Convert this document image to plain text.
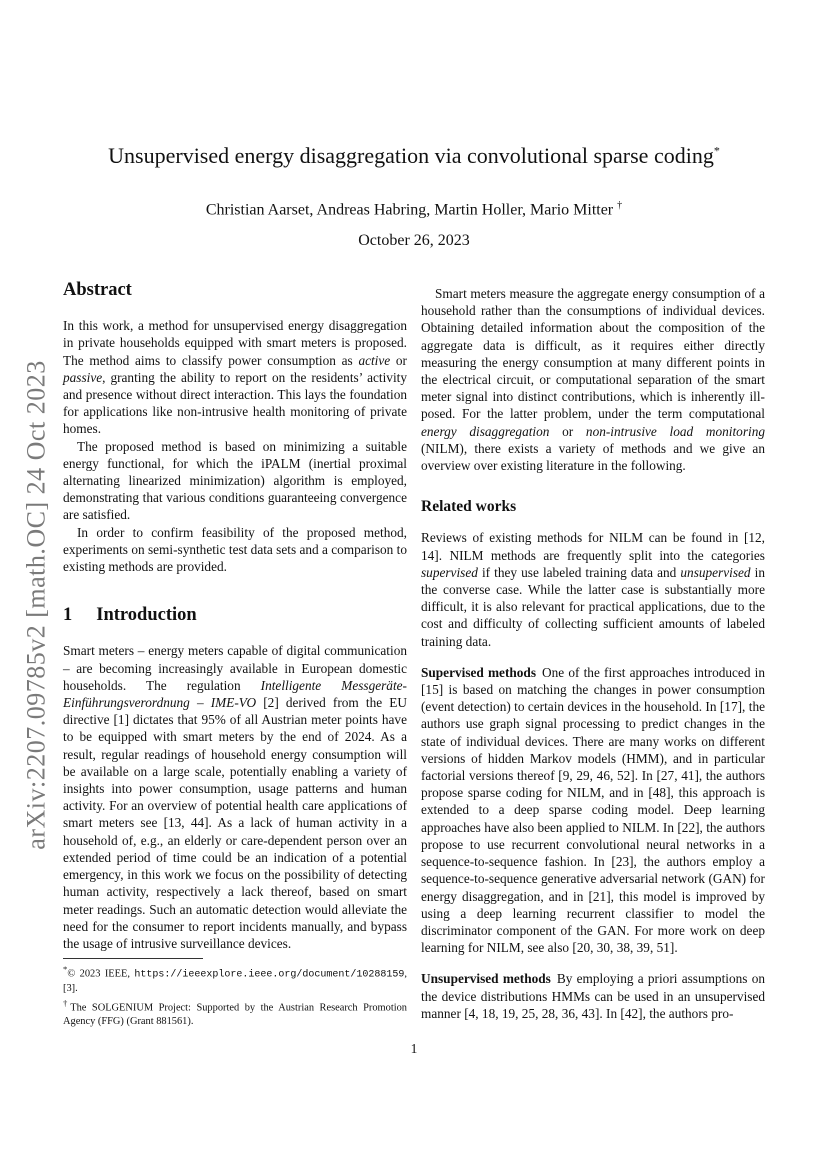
arXiv:2207.09785v2 [math.OC] 24 Oct 2023
Unsupervised energy disaggregation via convolutional sparse coding*
Christian Aarset, Andreas Habring, Martin Holler, Mario Mitter †
October 26, 2023
Abstract

In this work, a method for unsupervised energy disaggregation in private households equipped with smart meters is proposed. The method aims to classify power consumption as active or passive, granting the ability to report on the residents’ activity and presence without direct interaction. This lays the foundation for applications like non-intrusive health monitoring of private homes.

The proposed method is based on minimizing a suitable energy functional, for which the iPALM (inertial proximal alternating linearized minimization) algorithm is employed, demonstrating that various conditions guaranteeing convergence are satisfied.

In order to confirm feasibility of the proposed method, experiments on semi-synthetic test data sets and a comparison to existing methods are provided.

1 Introduction

Smart meters – energy meters capable of digital communication – are becoming increasingly available in European domestic households. The regulation Intelligente Messgeräte-Einführungsverordnung – IME-VO [2] derived from the EU directive [1] dictates that 95% of all Austrian meter points have to be equipped with smart meters by the end of 2024. As a result, regular readings of household energy consumption will be available on a large scale, potentially enabling a variety of insights into power consumption, usage patterns and human activity. For an overview of potential health care applications of smart meters see [13, 44]. As a lack of human activity in a household of, e.g., an elderly or care-dependent person over an extended period of time could be an indication of a potential emergency, in this work we focus on the possibility of detecting human activity, respectively a lack thereof, based on smart meter readings. Such an automatic detection would alleviate the need for the consumer to report incidents manually, and bypass the usage of intrusive surveillance devices.

*© 2023 IEEE, https://ieeexplore.ieee.org/document/10288159, [3].

†The SOLGENIUM Project: Supported by the Austrian Research Promotion Agency (FFG) (Grant 881561).

Smart meters measure the aggregate energy consumption of a household rather than the consumptions of individual devices. Obtaining detailed information about the composition of the aggregate data is difficult, as it requires either directly measuring the energy consumption at many different points in the electrical circuit, or computational separation of the smart meter signal into distinct contributions, which is inherently ill-posed. For the latter problem, under the term computational energy disaggregation or non-intrusive load monitoring (NILM), there exists a variety of methods and we give an overview over existing literature in the following.

Related works

Reviews of existing methods for NILM can be found in [12, 14]. NILM methods are frequently split into the categories supervised if they use labeled training data and unsupervised in the converse case. While the latter case is substantially more difficult, it is also relevant for practical applications, due to the cost and difficulty of collecting sufficient amounts of labeled training data.

Supervised methods One of the first approaches introduced in [15] is based on matching the changes in power consumption (event detection) to certain devices in the household. In [17], the authors use graph signal processing to predict changes in the state of individual devices. There are many works on different versions of hidden Markov models (HMM), and in particular factorial versions thereof [9, 29, 46, 52]. In [27, 41], the authors propose sparse coding for NILM, and in [48], this approach is extended to a deep sparse coding model. Deep learning approaches have also been applied to NILM. In [22], the authors propose to use recurrent convolutional neural networks in a sequence-to-sequence fashion. In [23], the authors employ a sequence-to-sequence generative adversarial network (GAN) for energy disaggregation, and in [21], this model is improved by using a deep learning recurrent classifier to model the discriminator component of the GAN. For more work on deep learning for NILM, see also [20, 30, 38, 39, 51].

Unsupervised methods By employing a priori assumptions on the device distributions HMMs can be used in an unsupervised manner [4, 18, 19, 25, 28, 36, 43]. In [42], the authors pro-

1
